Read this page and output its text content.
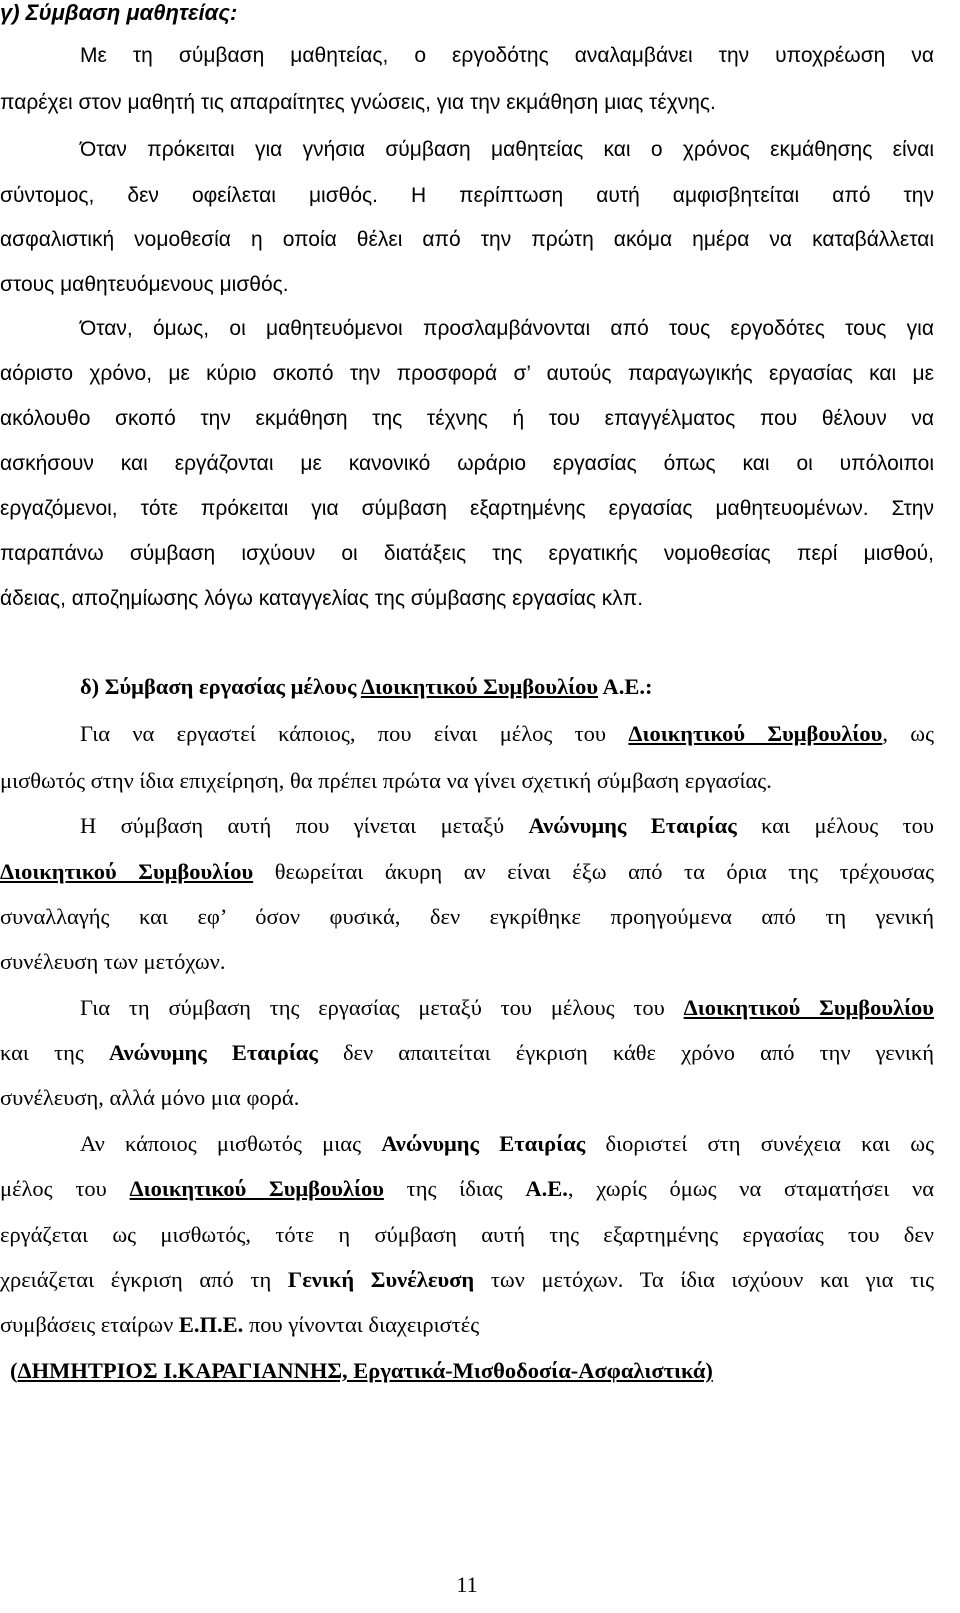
γ) Σύμβαση μαθητείας:
Με τη σύμβαση μαθητείας, ο εργοδότης αναλαμβάνει την υποχρέωση να
παρέχει στον μαθητή τις απαραίτητες γνώσεις, για την εκμάθηση μιας τέχνης.
Όταν πρόκειται για γνήσια σύμβαση μαθητείας και ο χρόνος εκμάθησης είναι
σύντομος, δεν οφείλεται μισθός. Η περίπτωση αυτή αμφισβητείται από την
ασφαλιστική νομοθεσία η οποία θέλει από την πρώτη ακόμα ημέρα να καταβάλλεται
στους μαθητευόμενους μισθός.
Όταν, όμως, οι μαθητευόμενοι προσλαμβάνονται από τους εργοδότες τους για
αόριστο χρόνο, με κύριο σκοπό την προσφορά σ’ αυτούς παραγωγικής εργασίας και με
ακόλουθο σκοπό την εκμάθηση της τέχνης ή του επαγγέλματος που θέλουν να
ασκήσουν και εργάζονται με κανονικό ωράριο εργασίας όπως και οι υπόλοιποι
εργαζόμενοι, τότε πρόκειται για σύμβαση εξαρτημένης εργασίας μαθητευομένων. Στην
παραπάνω σύμβαση ισχύουν οι διατάξεις της εργατικής νομοθεσίας περί μισθού,
άδειας, αποζημίωσης λόγω καταγγελίας της σύμβασης εργασίας κλπ.
δ) Σύμβαση εργασίας μέλους Διοικητικού Συμβουλίου Α.Ε.:
Για να εργαστεί κάποιος, που είναι μέλος του Διοικητικού Συμβουλίου, ως
μισθωτός στην ίδια επιχείρηση, θα πρέπει πρώτα να γίνει σχετική σύμβαση εργασίας.
Η σύμβαση αυτή που γίνεται μεταξύ Ανώνυμης Εταιρίας και μέλους του
Διοικητικού Συμβουλίου θεωρείται άκυρη αν είναι έξω από τα όρια της τρέχουσας
συναλλαγής και εφ’ όσον φυσικά, δεν εγκρίθηκε προηγούμενα από τη γενική
συνέλευση των μετόχων.
Για τη σύμβαση της εργασίας μεταξύ του μέλους του Διοικητικού Συμβουλίου
και της Ανώνυμης Εταιρίας δεν απαιτείται έγκριση κάθε χρόνο από την γενική
συνέλευση, αλλά μόνο μια φορά.
Αν κάποιος μισθωτός μιας Ανώνυμης Εταιρίας διοριστεί στη συνέχεια και ως
μέλος του Διοικητικού Συμβουλίου της ίδιας Α.Ε., χωρίς όμως να σταματήσει να
εργάζεται ως μισθωτός, τότε η σύμβαση αυτή της εξαρτημένης εργασίας του δεν
χρειάζεται έγκριση από τη Γενική Συνέλευση των μετόχων. Τα ίδια ισχύουν και για τις
συμβάσεις εταίρων Ε.Π.Ε. που γίνονται διαχειριστές
(ΔΗΜΗΤΡΙΟΣ Ι.ΚΑΡΑΓΙΑΝΝΗΣ, Εργατικά-Μισθοδοσία-Ασφαλιστικά)
11
